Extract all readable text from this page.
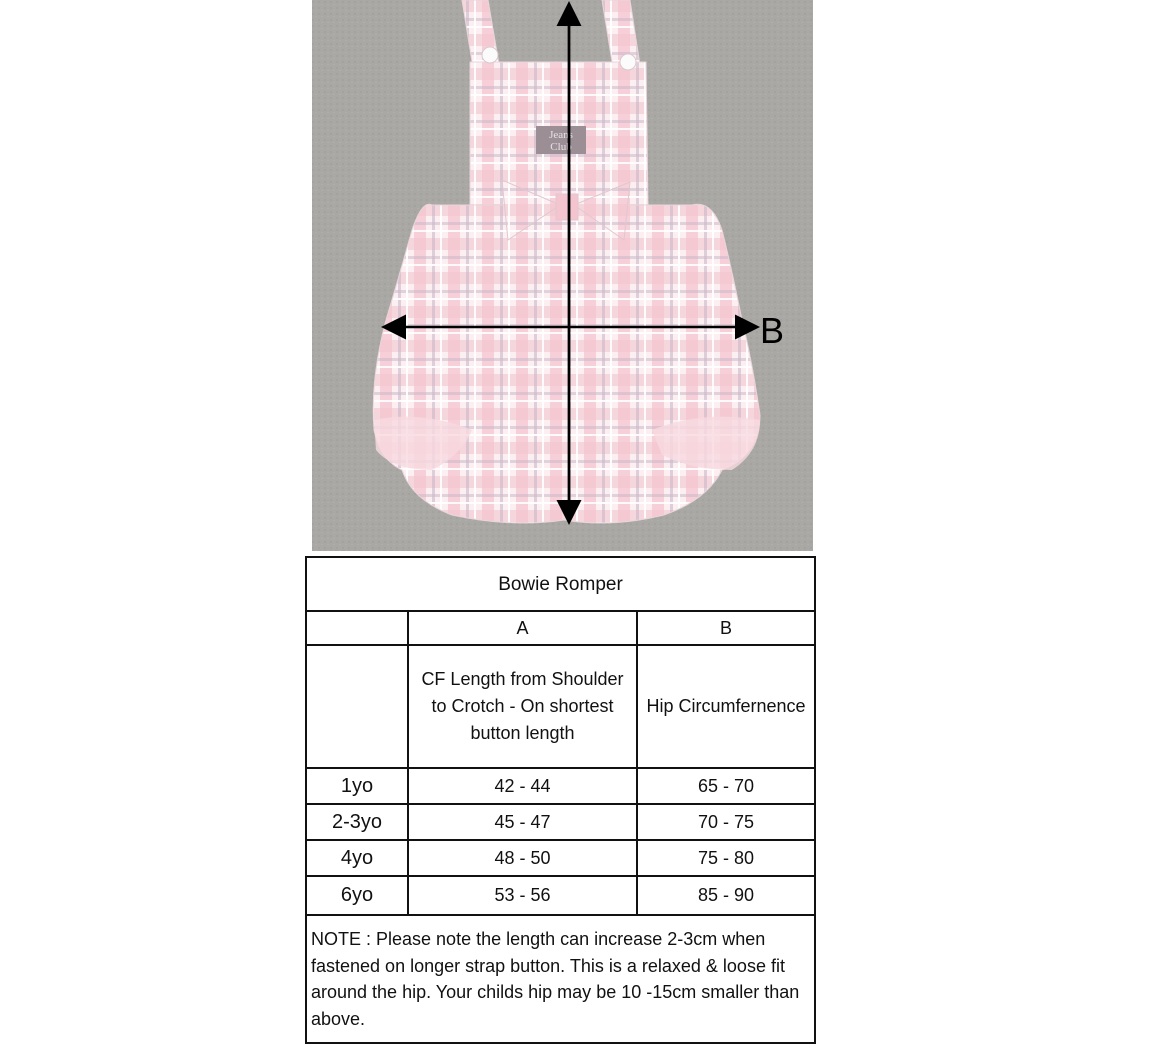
Jeans
Club
B
Bowie Romper		
	A	B
	CF Length from Shoulder to Crotch - On shortest button length	Hip Circumfernence
1yo	42 - 44	65 - 70
2-3yo	45 - 47	70 - 75
4yo	48 - 50	75 - 80
6yo	53 - 56	85 - 90
NOTE : Please note the length can increase 2-3cm when fastened on longer strap button. This is a relaxed & loose fit around the hip. Your childs hip may be 10 -15cm smaller than above.		
